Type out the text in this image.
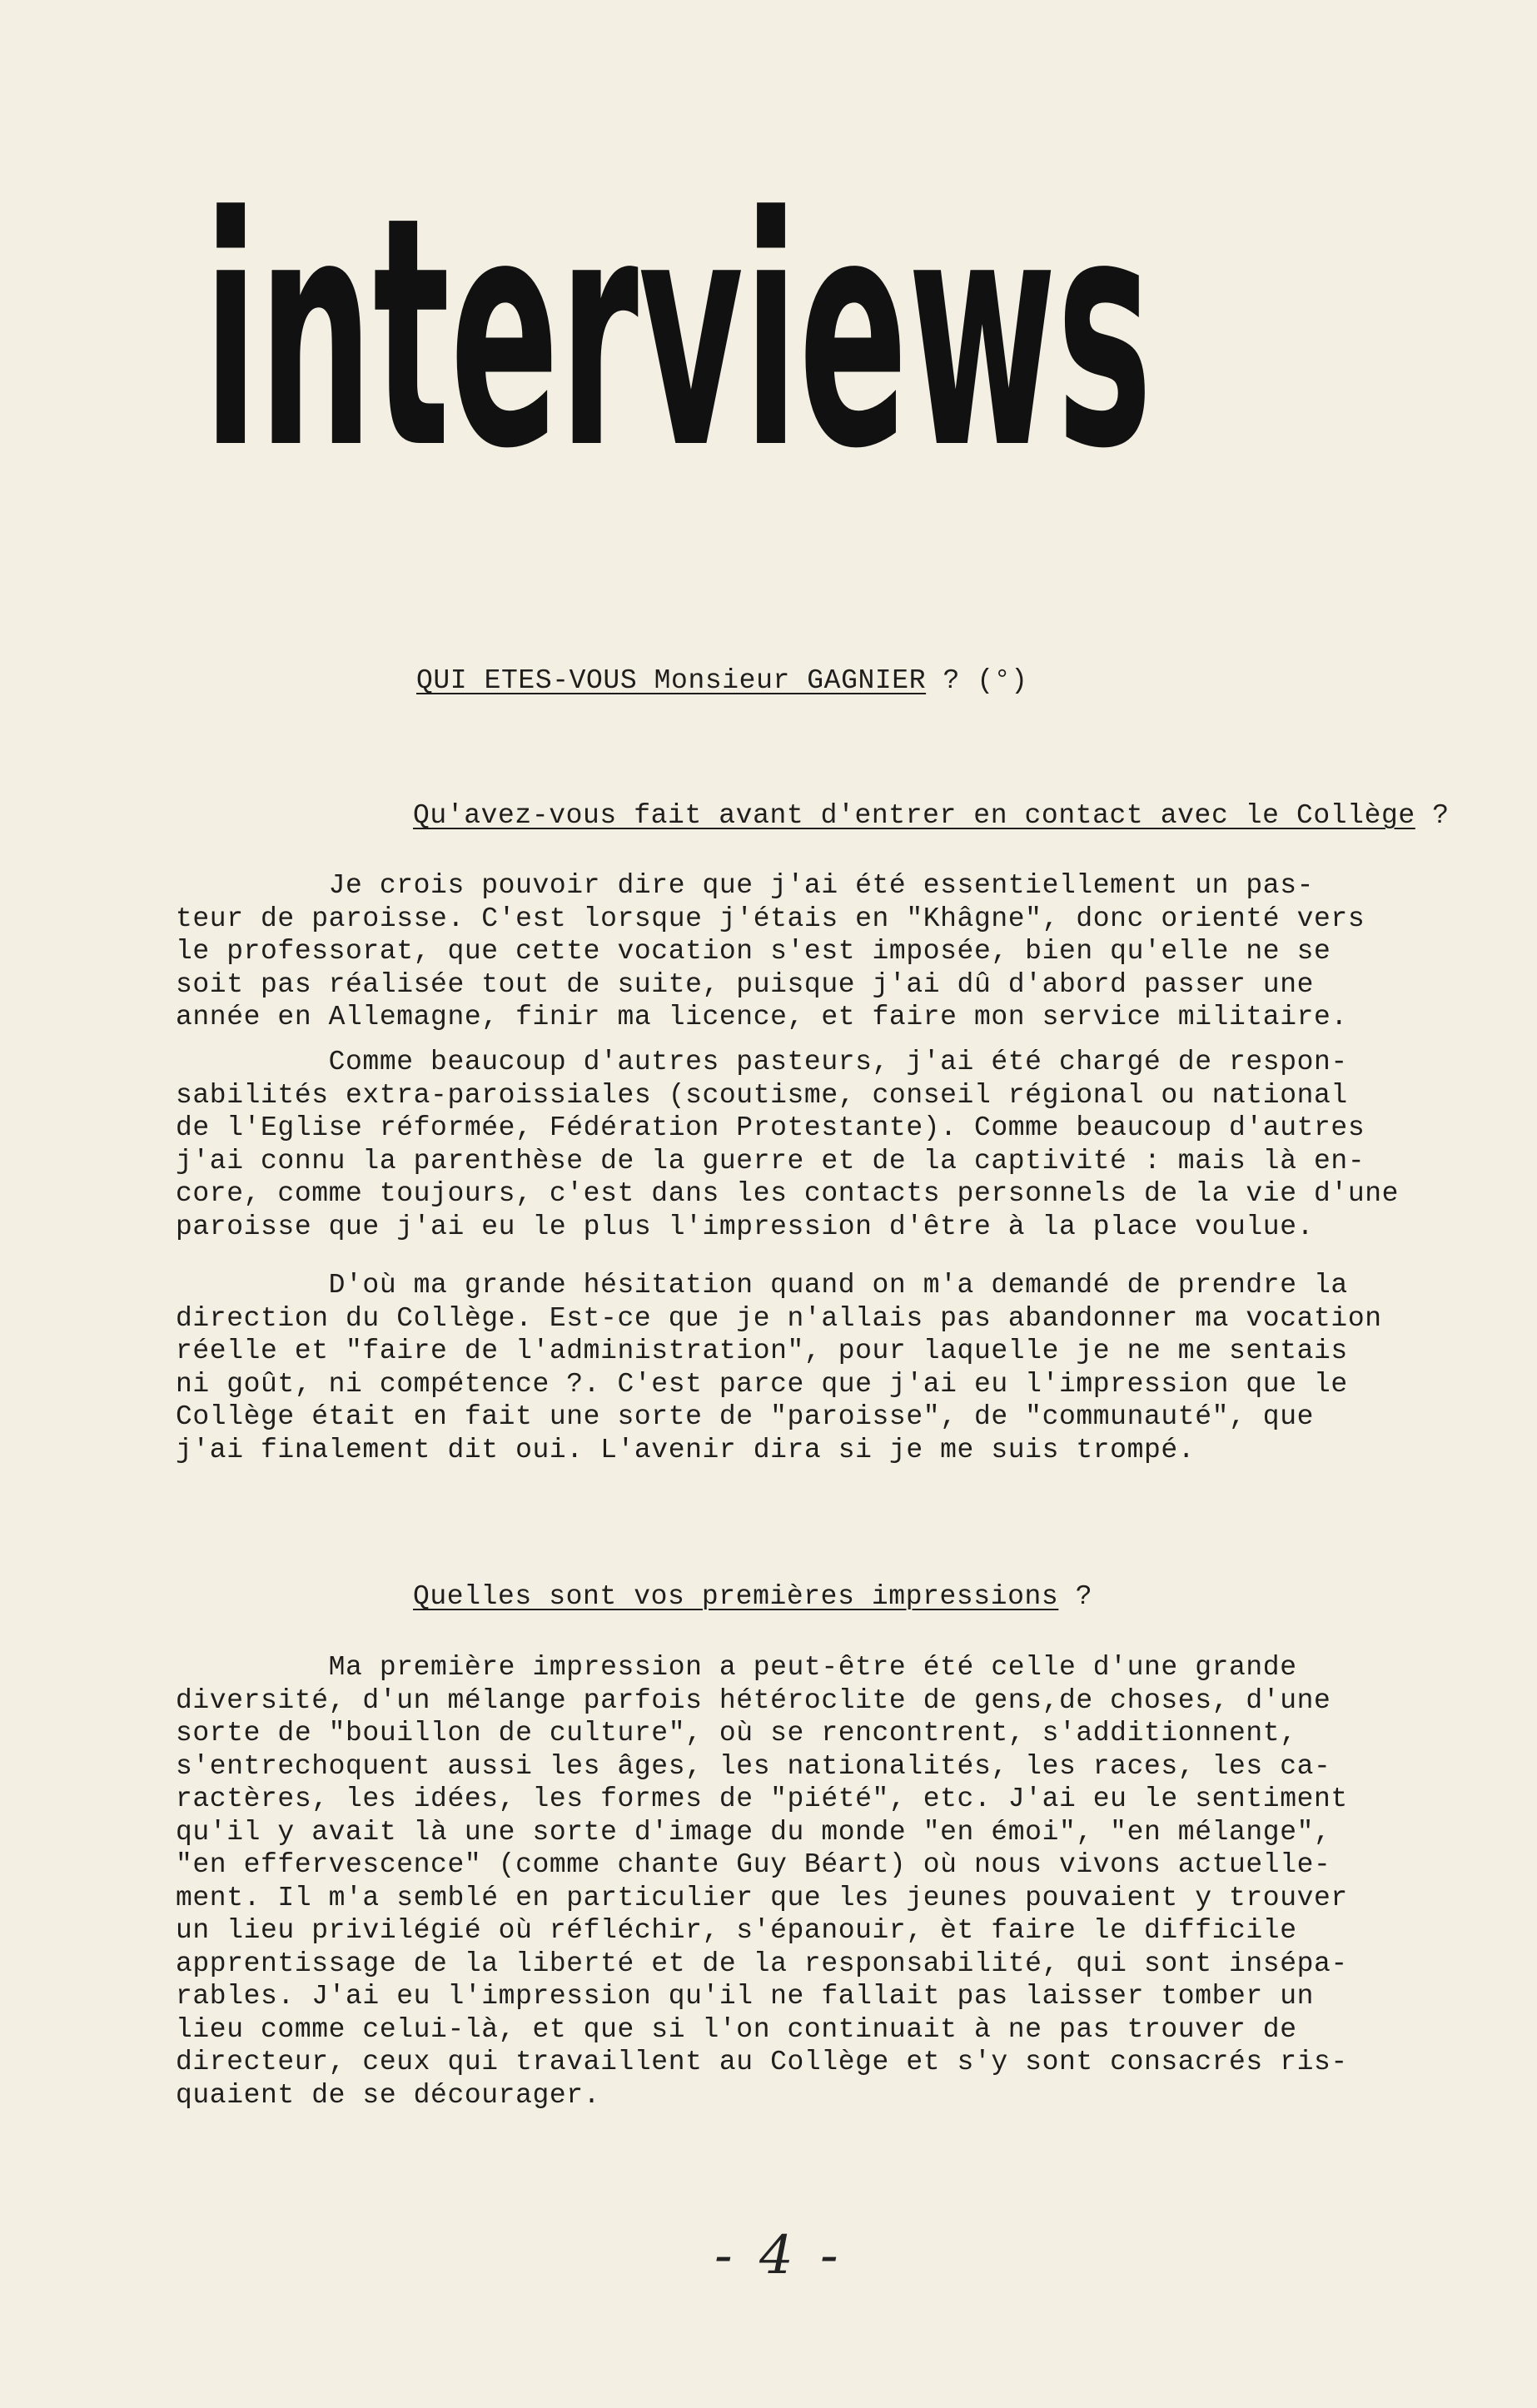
interviews
QUI ETES-VOUS Monsieur GAGNIER ? (°)
Qu'avez-vous fait avant d'entrer en contact avec le Collège ?
Je crois pouvoir dire que j'ai été essentiellement un pas-
teur de paroisse. C'est lorsque j'étais en "Khâgne", donc orienté vers
le professorat, que cette vocation s'est imposée, bien qu'elle ne se
soit pas réalisée tout de suite, puisque j'ai dû d'abord passer une
année en Allemagne, finir ma licence, et faire mon service militaire.
Comme beaucoup d'autres pasteurs, j'ai été chargé de respon-
sabilités extra-paroissiales (scoutisme, conseil régional ou national
de l'Eglise réformée, Fédération Protestante). Comme beaucoup d'autres
j'ai connu la parenthèse de la guerre et de la captivité : mais là en-
core, comme toujours, c'est dans les contacts personnels de la vie d'une
paroisse que j'ai eu le plus l'impression d'être à la place voulue.
D'où ma grande hésitation quand on m'a demandé de prendre la
direction du Collège. Est-ce que je n'allais pas abandonner ma vocation
réelle et "faire de l'administration", pour laquelle je ne me sentais
ni goût, ni compétence ?. C'est parce que j'ai eu l'impression que le
Collège était en fait une sorte de "paroisse", de "communauté", que
j'ai finalement dit oui. L'avenir dira si je me suis trompé.
Quelles sont vos premières impressions ?
Ma première impression a peut-être été celle d'une grande
diversité, d'un mélange parfois hétéroclite de gens,de choses, d'une
sorte de "bouillon de culture", où se rencontrent, s'additionnent,
s'entrechoquent aussi les âges, les nationalités, les races, les ca-
ractères, les idées, les formes de "piété", etc. J'ai eu le sentiment
qu'il y avait là une sorte d'image du monde "en émoi", "en mélange",
"en effervescence" (comme chante Guy Béart) où nous vivons actuelle-
ment. Il m'a semblé en particulier que les jeunes pouvaient y trouver
un lieu privilégié où réfléchir, s'épanouir, èt faire le difficile
apprentissage de la liberté et de la responsabilité, qui sont insépa-
rables. J'ai eu l'impression qu'il ne fallait pas laisser tomber un
lieu comme celui-là, et que si l'on continuait à ne pas trouver de
directeur, ceux qui travaillent au Collège et s'y sont consacrés ris-
quaient de se décourager.
- 4 -
